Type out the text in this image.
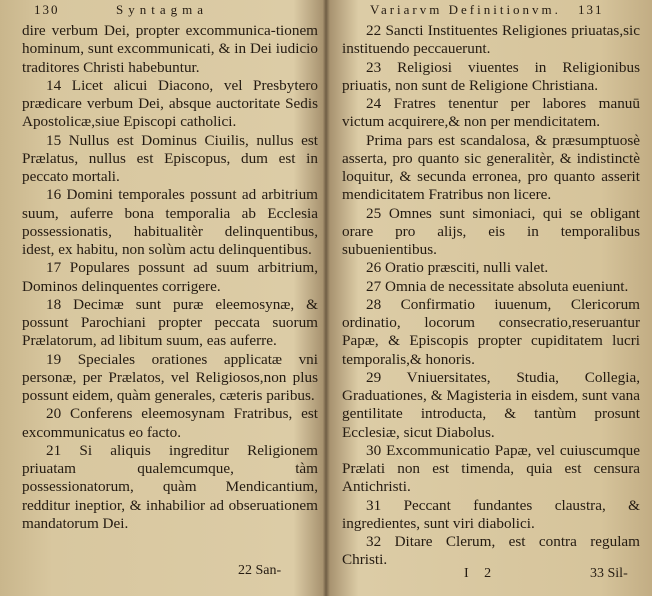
130	Syntagma

dire verbum Dei, propter excommunica-tionem hominum, sunt excommunicati, & in Dei iudicio traditores Christi habebuntur.

14 Licet alicui Diacono, vel Presbytero prædicare verbum Dei, absque auctoritate Sedis Apostolicæ,siue Episcopi catholici.

15 Nullus est Dominus Ciuilis, nullus est Prælatus, nullus est Episcopus, dum est in peccato mortali.

16 Domini temporales possunt ad arbitrium suum, auferre bona temporalia ab Ecclesia possessionatis, habitualitèr delinquentibus, idest, ex habitu, non solùm actu delinquentibus.

17 Populares possunt ad suum arbitrium, Dominos delinquentes corrigere.

18 Decimæ sunt puræ eleemosynæ, & possunt Parochiani propter peccata suorum Prælatorum, ad libitum suum, eas auferre.

19 Speciales orationes applicatæ vni personæ, per Prælatos, vel Religiosos,non plus possunt eidem, quàm generales, cæteris paribus.

20 Conferens eleemosynam Fratribus, est excommunicatus eo facto.

21 Si aliquis ingreditur Religionem priuatam qualemcumque, tàm possessionatorum, quàm Mendicantium, redditur ineptior, & inhabilior ad obseruationem mandatorum Dei.

22 San-
Variarvm Definitionvm. 131

22 Sancti Instituentes Religiones priuatas,sic instituendo peccauerunt.

23 Religiosi viuentes in Religionibus priuatis, non sunt de Religione Christiana.

24 Fratres tenentur per labores manuū victum acquirere,& non per mendicitatem.

Prima pars est scandalosa, & præsumptuosè asserta, pro quanto sic generalitèr, & indistinctè loquitur, & secunda erronea, pro quanto asserit mendicitatem Fratribus non licere.

25 Omnes sunt simoniaci, qui se obligant orare pro alijs, eis in temporalibus subuenientibus.

26 Oratio præsciti, nulli valet.

27 Omnia de necessitate absoluta eueniunt.

28 Confirmatio iuuenum, Clericorum ordinatio, locorum consecratio,reseruantur Papæ, & Episcopis propter cupiditatem lucri temporalis,& honoris.

29 Vniuersitates, Studia, Collegia, Graduationes, & Magisteria in eisdem, sunt vana gentilitate introducta, & tantùm prosunt Ecclesiæ, sicut Diabolus.

30 Excommunicatio Papæ, vel cuiuscumque Prælati non est timenda, quia est censura Antichristi.

31 Peccant fundantes claustra, & ingredientes, sunt viri diabolici.

32 Ditare Clerum, est contra regulam Christi.

I 2	33 Sil-
